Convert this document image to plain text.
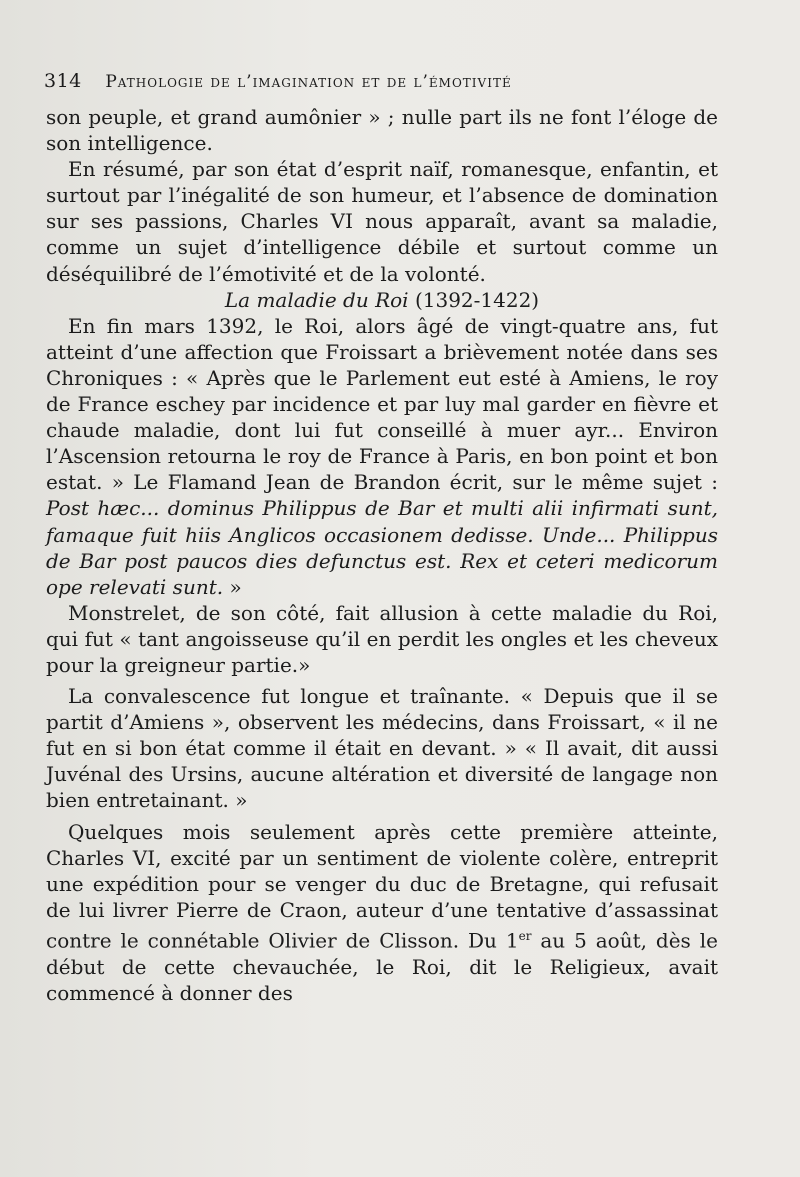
314 Pathologie de l’imagination et de l’émotivité

son peuple, et grand aumônier » ; nulle part ils ne font l’éloge de son intelligence.

En résumé, par son état d’esprit naïf, romanesque, enfantin, et surtout par l’inégalité de son humeur, et l’absence de domination sur ses passions, Charles VI nous apparaît, avant sa maladie, comme un sujet d’intelligence débile et surtout comme un déséquilibré de l’émotivité et de la volonté.

La maladie du Roi (1392-1422)

En fin mars 1392, le Roi, alors âgé de vingt-quatre ans, fut atteint d’une affection que Froissart a brièvement notée dans ses Chroniques : « Après que le Parlement eut esté à Amiens, le roy de France eschey par incidence et par luy mal garder en fièvre et chaude maladie, dont lui fut conseillé à muer ayr... Environ l’Ascension retourna le roy de France à Paris, en bon point et bon estat. » Le Flamand Jean de Brandon écrit, sur le même sujet : Post hæc... dominus Philippus de Bar et multi alii infirmati sunt, famaque fuit hiis Anglicos occasionem dedisse. Unde... Philippus de Bar post paucos dies defunctus est. Rex et ceteri medicorum ope relevati sunt. »

Monstrelet, de son côté, fait allusion à cette maladie du Roi, qui fut « tant angoisseuse qu’il en perdit les ongles et les cheveux pour la greigneur partie.»

La convalescence fut longue et traînante. « Depuis que il se partit d’Amiens », observent les médecins, dans Froissart, « il ne fut en si bon état comme il était en devant. » « Il avait, dit aussi Juvénal des Ursins, aucune altération et diversité de langage non bien entretainant. »

Quelques mois seulement après cette première atteinte, Charles VI, excité par un sentiment de violente colère, entreprit une expédition pour se venger du duc de Bretagne, qui refusait de lui livrer Pierre de Craon, auteur d’une tentative d’assassinat contre le connétable Olivier de Clisson. Du 1er au 5 août, dès le début de cette chevauchée, le Roi, dit le Religieux, avait commencé à donner des
